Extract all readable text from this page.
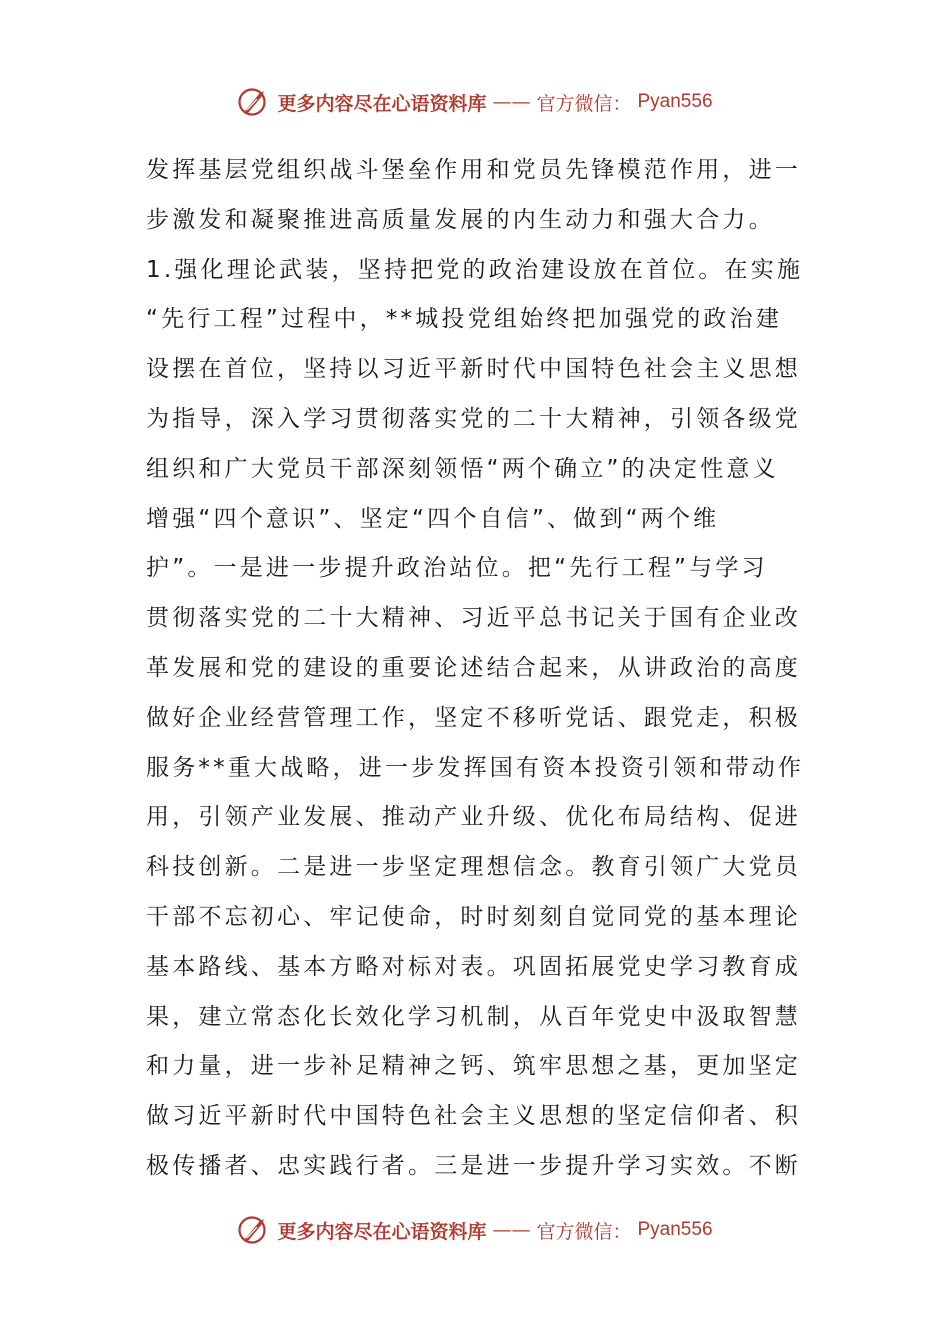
更多内容尽在心语资料库 —— 官方微信： Pyan556
发挥基层党组织战斗堡垒作用和党员先锋模范作用，进一
步激发和凝聚推进高质量发展的内生动力和强大合力。
1.强化理论武装，坚持把党的政治建设放在首位。在实施
“先行工程”过程中，**城投党组始终把加强党的政治建
设摆在首位，坚持以习近平新时代中国特色社会主义思想
为指导，深入学习贯彻落实党的二十大精神，引领各级党
组织和广大党员干部深刻领悟“两个确立”的决定性意义
增强“四个意识”、坚定“四个自信”、做到“两个维
护”。一是进一步提升政治站位。把“先行工程”与学习
贯彻落实党的二十大精神、习近平总书记关于国有企业改
革发展和党的建设的重要论述结合起来，从讲政治的高度
做好企业经营管理工作，坚定不移听党话、跟党走，积极
服务**重大战略，进一步发挥国有资本投资引领和带动作
用，引领产业发展、推动产业升级、优化布局结构、促进
科技创新。二是进一步坚定理想信念。教育引领广大党员
干部不忘初心、牢记使命，时时刻刻自觉同党的基本理论
基本路线、基本方略对标对表。巩固拓展党史学习教育成
果，建立常态化长效化学习机制，从百年党史中汲取智慧
和力量，进一步补足精神之钙、筑牢思想之基，更加坚定
做习近平新时代中国特色社会主义思想的坚定信仰者、积
极传播者、忠实践行者。三是进一步提升学习实效。不断
更多内容尽在心语资料库 —— 官方微信： Pyan556
